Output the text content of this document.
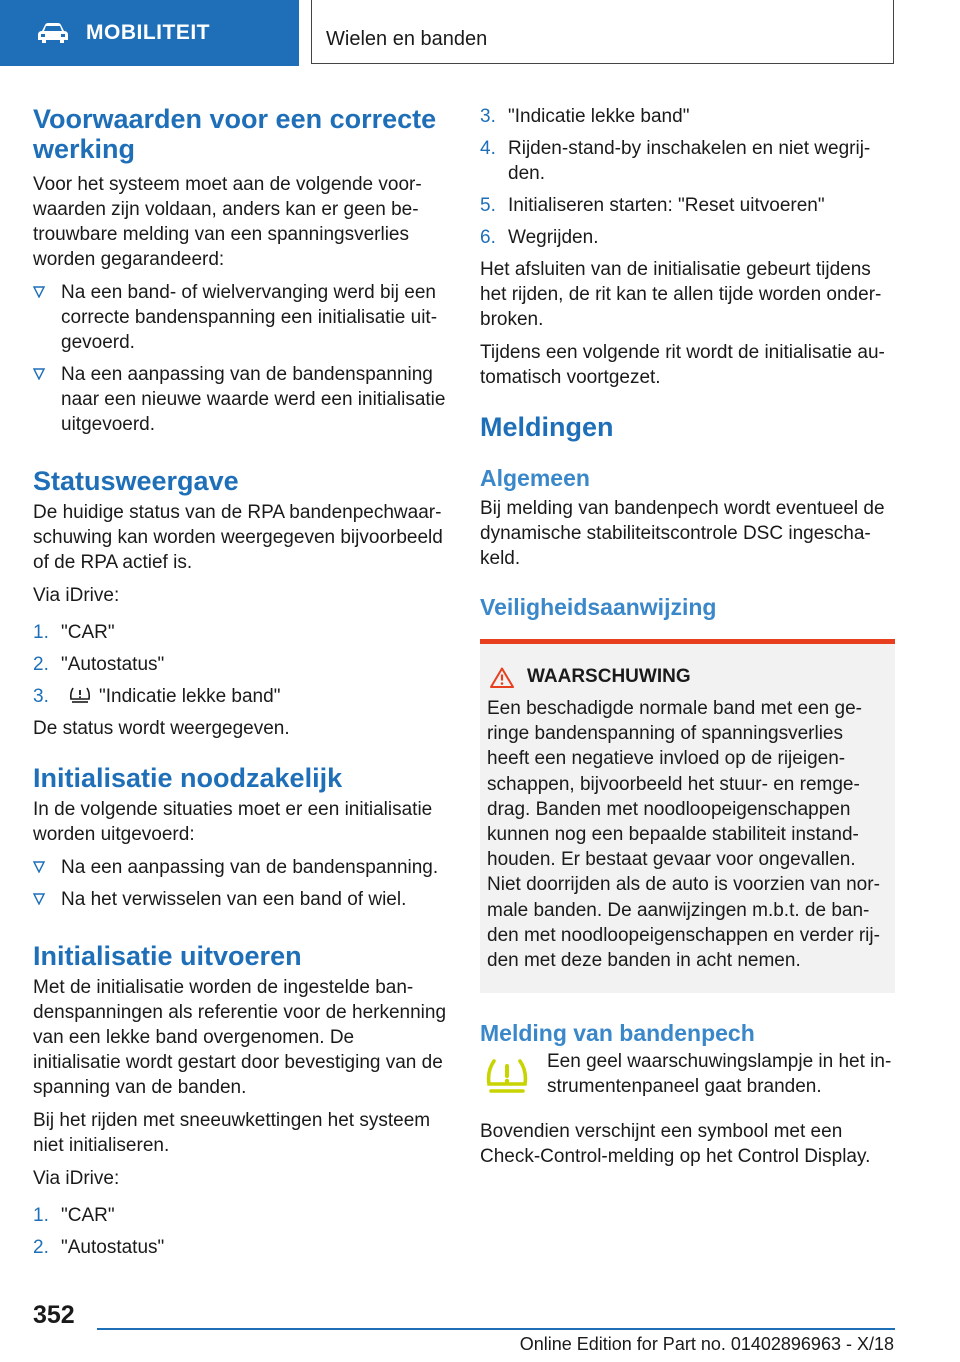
MOBILITEIT	Wielen en banden
Voorwaarden voor een correcte werking

Voor het systeem moet aan de volgende voorwaarden zijn voldaan, anders kan er geen betrouwbare melding van een spanningsverlies worden gegarandeerd:

Na een band- of wielvervanging werd bij een correcte bandenspanning een initialisatie uitgevoerd.
Na een aanpassing van de bandenspanning naar een nieuwe waarde werd een initialisatie uitgevoerd.
Statusweergave

De huidige status van de RPA bandenpechwaarschuwing kan worden weergegeven bijvoorbeeld of de RPA actief is.

Via iDrive:

1. "CAR"
2. "Autostatus"
3.	"Indicatie lekke band"

De status wordt weergegeven.

Initialisatie noodzakelijk

In de volgende situaties moet er een initialisatie worden uitgevoerd:

Na een aanpassing van de bandenspanning.
Na het verwisselen van een band of wiel.
Initialisatie uitvoeren

Met de initialisatie worden de ingestelde bandenspanningen als referentie voor de herkenning van een lekke band overgenomen. De initialisatie wordt gestart door bevestiging van de spanning van de banden.

Bij het rijden met sneeuwkettingen het systeem niet initialiseren.

Via iDrive:

1. "CAR"
2. "Autostatus"
3. "Indicatie lekke band"
4. Rijden-stand-by inschakelen en niet wegrijden.
5. Initialiseren starten: "Reset uitvoeren"
6. Wegrijden.

Het afsluiten van de initialisatie gebeurt tijdens het rijden, de rit kan te allen tijde worden onderbroken.

Tijdens een volgende rit wordt de initialisatie automatisch voortgezet.

Meldingen
Algemeen

Bij melding van bandenpech wordt eventueel de dynamische stabiliteitscontrole DSC ingeschakeld.

Veiligheidsaanwijzing
WAARSCHUWING

Een beschadigde normale band met een geringe bandenspanning of spanningsverlies heeft een negatieve invloed op de rijeigenschappen, bijvoorbeeld het stuur- en remgedrag. Banden met noodloopeigenschappen kunnen nog een bepaalde stabiliteit instandhouden. Er bestaat gevaar voor ongevallen. Niet doorrijden als de auto is voorzien van normale banden. De aanwijzingen m.b.t. de banden met noodloopeigenschappen en verder rijden met deze banden in acht nemen.

Melding van bandenpech

Een geel waarschuwingslampje in het instrumentenpaneel gaat branden.

Bovendien verschijnt een symbool met een Check-Control-melding op het Control Display.

352
Online Edition for Part no. 01402896963 - X/18
